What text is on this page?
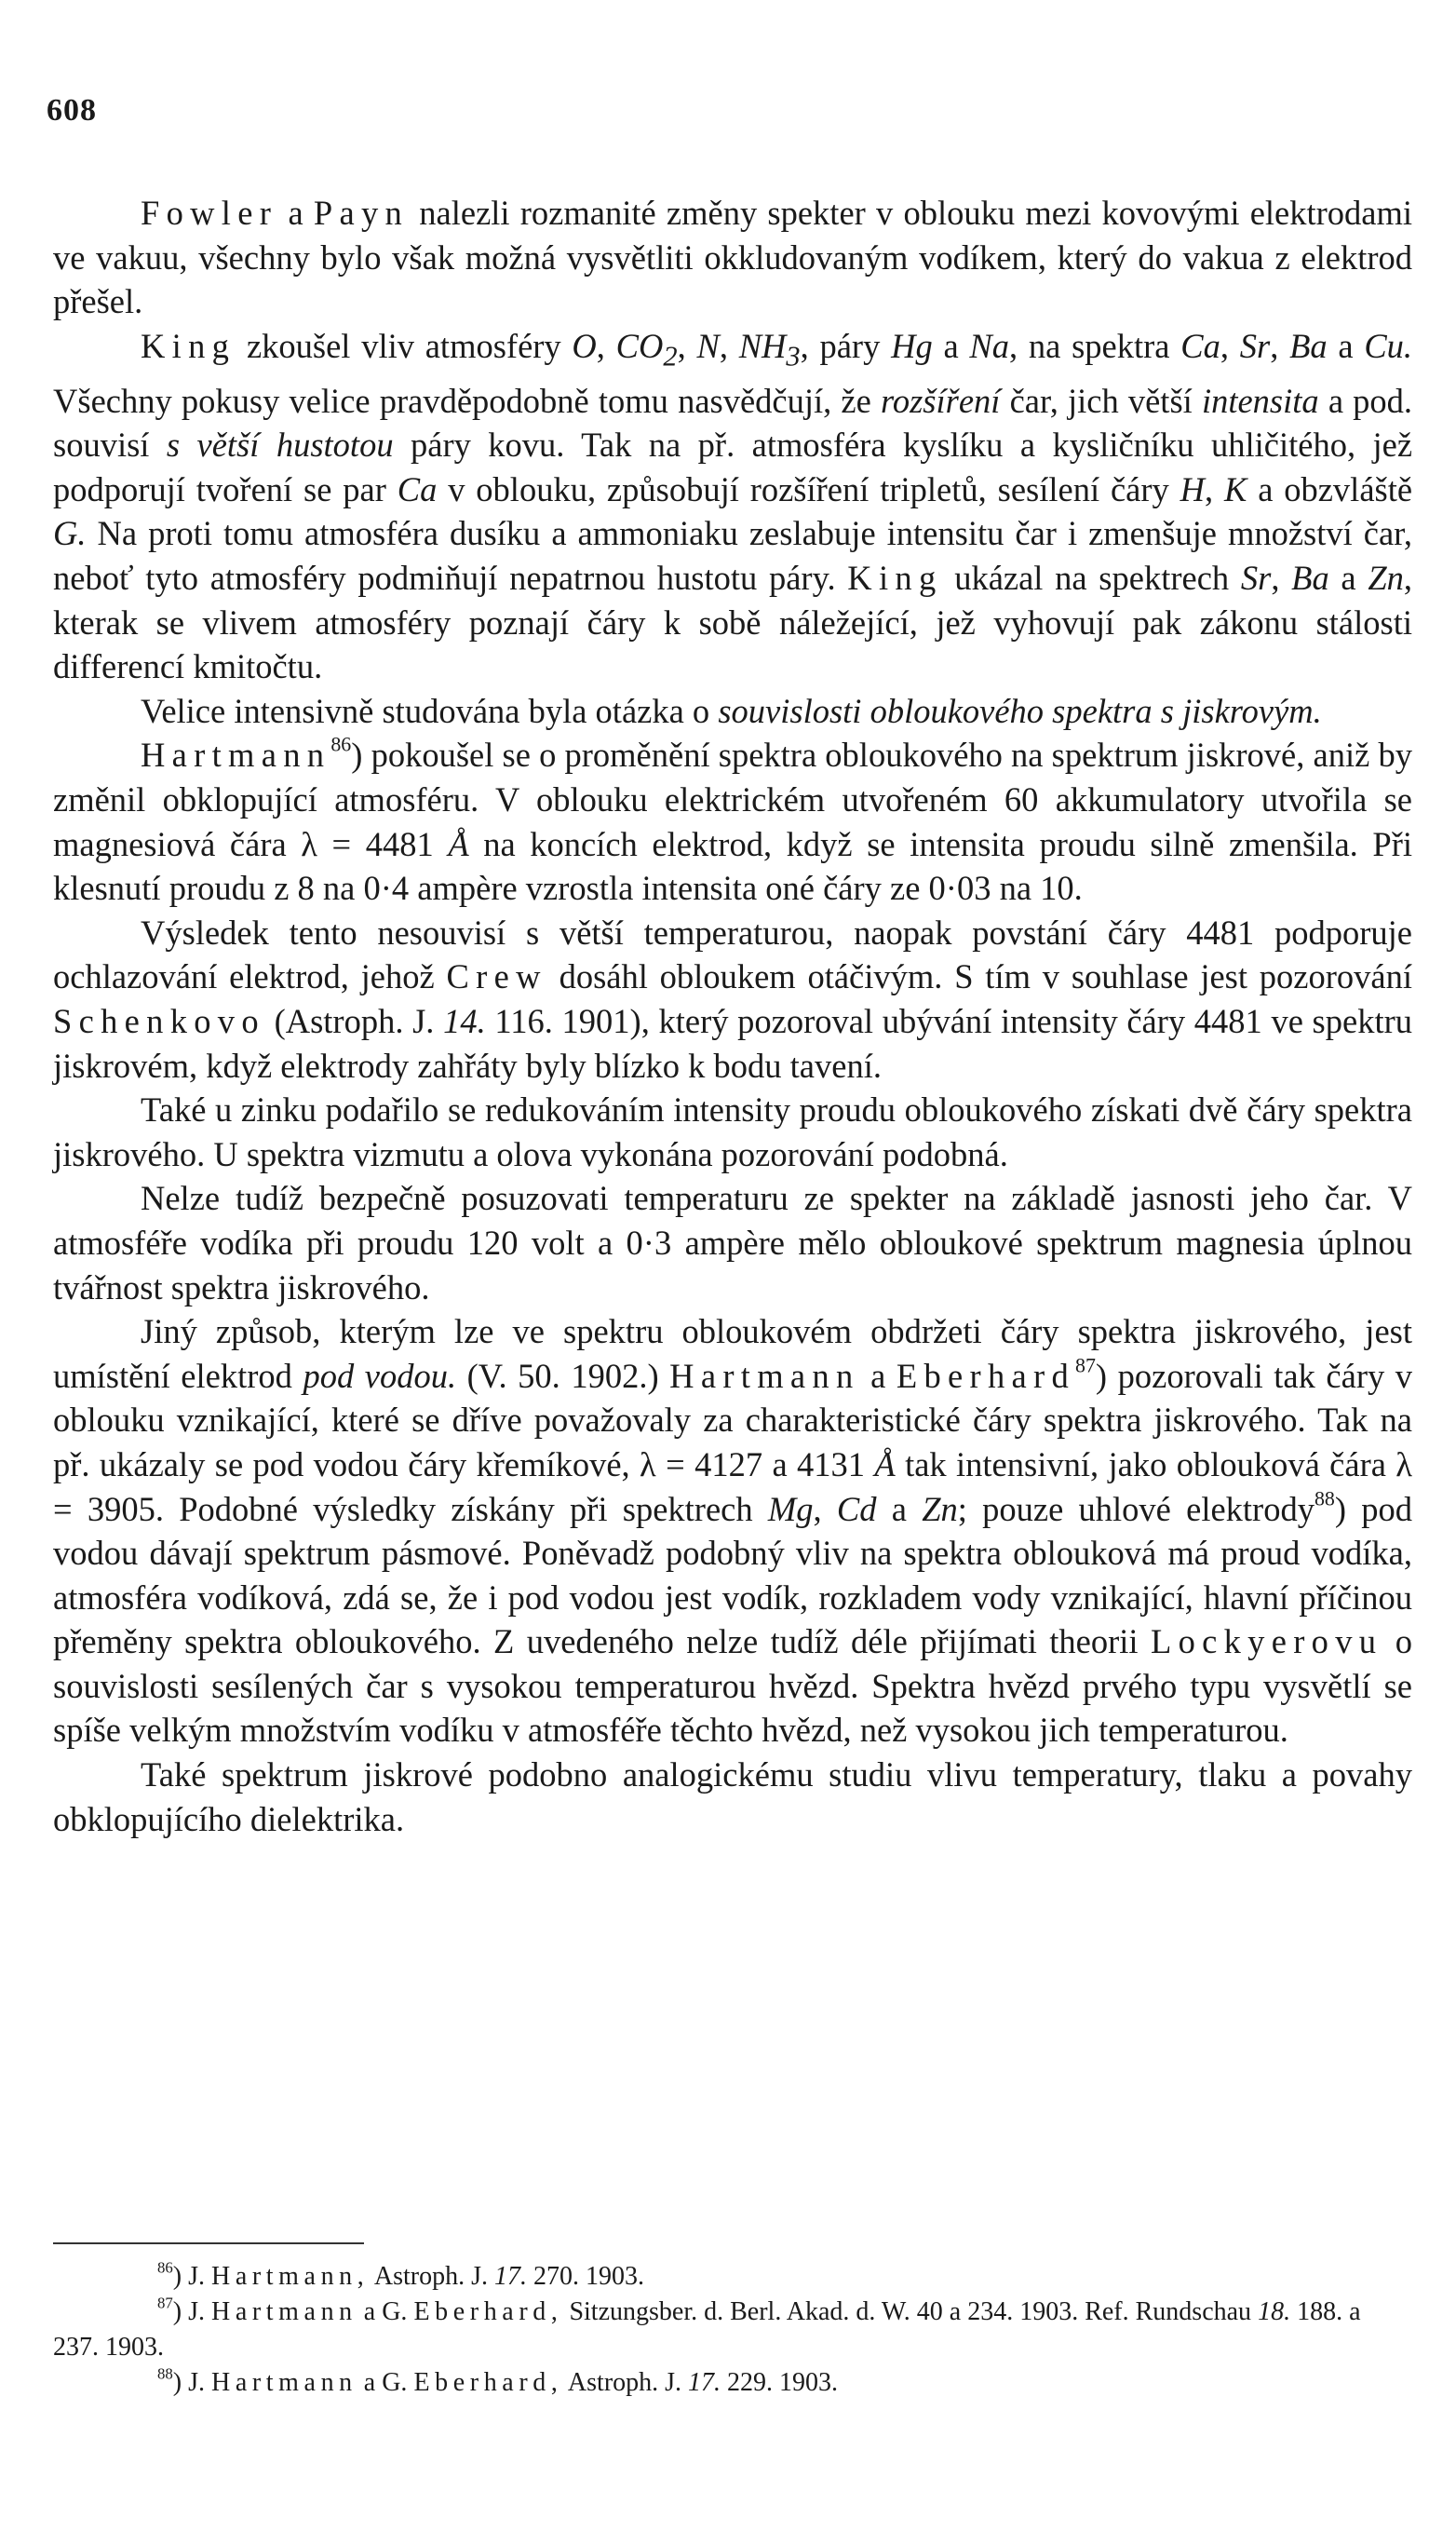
608

Fowler a Payn nalezli rozmanité změny spekter v oblouku mezi kovovými elektrodami ve vakuu, všechny bylo však možná vysvětliti okkludovaným vodíkem, který do vakua z elektrod přešel.

King zkoušel vliv atmosféry O, $CO_2$, N, $NH_3$, páry Hg a Na, na spektra Ca, Sr, Ba a Cu. Všechny pokusy velice pravděpodobně tomu nasvědčují, že rozšíření čar, jich větší intensita a pod. souvisí s větší hustotou páry kovu. Tak na př. atmosféra kyslíku a kysličníku uhličitého, jež podporují tvoření se par Ca v oblouku, způsobují rozšíření tripletů, sesílení čáry H, K a obzvláště G. Na proti tomu atmosféra dusíku a ammoniaku zeslabuje intensitu čar i zmenšuje množství čar, neboť tyto atmosféry podmiňují nepatrnou hustotu páry. King ukázal na spektrech Sr, Ba a Zn, kterak se vlivem atmosféry poznají čáry k sobě náležející, jež vyhovují pak zákonu stálosti differencí kmitočtu.

Velice intensivně studována byla otázka o souvislosti obloukového spektra s jiskrovým.

Hartmann$^{86}$) pokoušel se o proměnění spektra obloukového na spektrum jiskrové, aniž by změnil obklopující atmosféru. V oblouku elektrickém utvořeném 60 akkumulatory utvořila se magnesiová čára λ = 4481 Å na koncích elektrod, když se intensita proudu silně zmenšila. Při klesnutí proudu z 8 na 0·4 ampère vzrostla intensita oné čáry ze 0·03 na 10.

Výsledek tento nesouvisí s větší temperaturou, naopak povstání čáry 4481 podporuje ochlazování elektrod, jehož Crew dosáhl obloukem otáčivým. S tím v souhlase jest pozorování Schenkovo (Astroph. J. 14. 116. 1901), který pozoroval ubývání intensity čáry 4481 ve spektru jiskrovém, když elektrody zahřáty byly blízko k bodu tavení.

Také u zinku podařilo se redukováním intensity proudu obloukového získati dvě čáry spektra jiskrového. U spektra vizmutu a olova vykonána pozorování podobná.

Nelze tudíž bezpečně posuzovati temperaturu ze spekter na základě jasnosti jeho čar. V atmosféře vodíka při proudu 120 volt a 0·3 ampère mělo obloukové spektrum magnesia úplnou tvářnost spektra jiskrového.

Jiný způsob, kterým lze ve spektru obloukovém obdržeti čáry spektra jiskrového, jest umístění elektrod pod vodou. (V. 50. 1902.) Hartmann a Eberhard$^{87}$) pozorovali tak čáry v oblouku vznikající, které se dříve považovaly za charakteristické čáry spektra jiskrového. Tak na př. ukázaly se pod vodou čáry křemíkové, λ = 4127 a 4131 Å tak intensivní, jako oblouková čára λ = 3905. Podobné výsledky získány při spektrech Mg, Cd a Zn; pouze uhlové elektrody$^{88}$) pod vodou dávají spektrum pásmové. Poněvadž podobný vliv na spektra oblouková má proud vodíka, atmosféra vodíková, zdá se, že i pod vodou jest vodík, rozkladem vody vznikající, hlavní příčinou přeměny spektra obloukového. Z uvedeného nelze tudíž déle přijímati theorii Lockyerovu o souvislosti sesílených čar s vysokou temperaturou hvězd. Spektra hvězd prvého typu vysvětlí se spíše velkým množstvím vodíku v atmosféře těchto hvězd, než vysokou jich temperaturou.

Také spektrum jiskrové podobno analogickému studiu vlivu temperatury, tlaku a povahy obklopujícího dielektrika.

$^{86}$) J. Hartmann, Astroph. J. 17. 270. 1903.

$^{87}$) J. Hartmann a G. Eberhard, Sitzungsber. d. Berl. Akad. d. W. 40 a 234. 1903. Ref. Rundschau 18. 188. a 237. 1903.

$^{88}$) J. Hartmann a G. Eberhard, Astroph. J. 17. 229. 1903.
